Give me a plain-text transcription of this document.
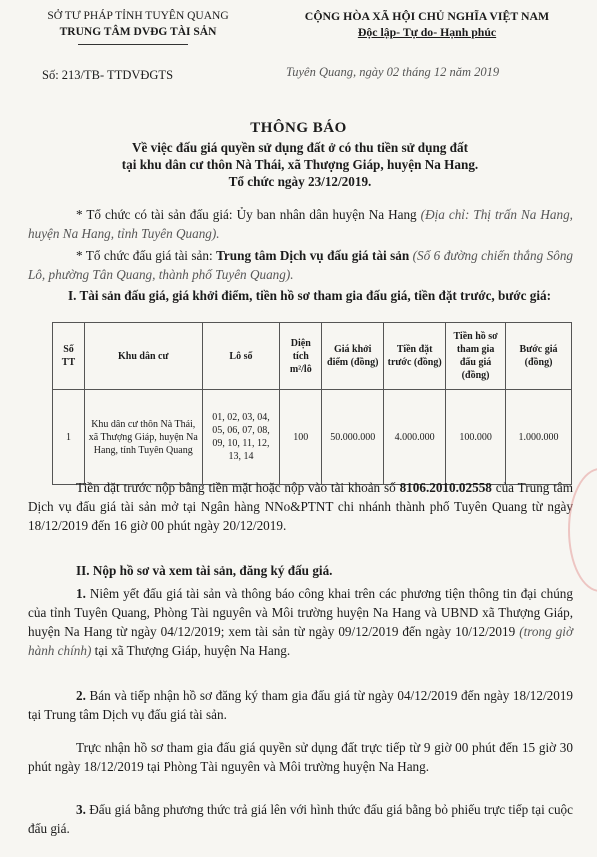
SỞ TƯ PHÁP TỈNH TUYÊN QUANG
TRUNG TÂM DVĐG TÀI SẢN
CỘNG HÒA XÃ HỘI CHỦ NGHĨA VIỆT NAM
Độc lập- Tự do- Hạnh phúc
Số: 213/TB- TTDVĐGTS	Tuyên Quang, ngày 02 tháng 12 năm 2019
THÔNG BÁO
Về việc đấu giá quyền sử dụng đất ở có thu tiền sử dụng đất
tại khu dân cư thôn Nà Thái, xã Thượng Giáp, huyện Na Hang.
Tổ chức ngày 23/12/2019.

* Tổ chức có tài sản đấu giá: Ủy ban nhân dân huyện Na Hang (Địa chỉ: Thị trấn Na Hang, huyện Na Hang, tỉnh Tuyên Quang).

* Tổ chức đấu giá tài sản: Trung tâm Dịch vụ đấu giá tài sản (Số 6 đường chiến thắng Sông Lô, phường Tân Quang, thành phố Tuyên Quang).

I. Tài sản đấu giá, giá khởi điểm, tiền hồ sơ tham gia đấu giá, tiền đặt trước, bước giá:

Số TT	Khu dân cư	Lô số	Diện tích m²/lô	Giá khởi điểm (đồng)	Tiền đặt trước (đồng)	Tiền hồ sơ tham gia đấu giá (đồng)	Bước giá (đồng)
1	Khu dân cư thôn Nà Thái, xã Thượng Giáp, huyện Na Hang, tỉnh Tuyên Quang	01, 02, 03, 04, 05, 06, 07, 08, 09, 10, 11, 12, 13, 14	100	50.000.000	4.000.000	100.000	1.000.000

Tiền đặt trước nộp bằng tiền mặt hoặc nộp vào tài khoản số 8106.2010.02558 của Trung tâm Dịch vụ đấu giá tài sản mở tại Ngân hàng NNo&PTNT chi nhánh thành phố Tuyên Quang từ ngày 18/12/2019 đến 16 giờ 00 phút ngày 20/12/2019.

II. Nộp hồ sơ và xem tài sản, đăng ký đấu giá.

1. Niêm yết đấu giá tài sản và thông báo công khai trên các phương tiện thông tin đại chúng của tỉnh Tuyên Quang, Phòng Tài nguyên và Môi trường huyện Na Hang và UBND xã Thượng Giáp, huyện Na Hang từ ngày 04/12/2019; xem tài sản từ ngày 09/12/2019 đến ngày 10/12/2019 (trong giờ hành chính) tại xã Thượng Giáp, huyện Na Hang.

2. Bán và tiếp nhận hồ sơ đăng ký tham gia đấu giá từ ngày 04/12/2019 đến ngày 18/12/2019 tại Trung tâm Dịch vụ đấu giá tài sản.

Trực nhận hồ sơ tham gia đấu giá quyền sử dụng đất trực tiếp từ 9 giờ 00 phút đến 15 giờ 30 phút ngày 18/12/2019 tại Phòng Tài nguyên và Môi trường huyện Na Hang.

3. Đấu giá bằng phương thức trả giá lên với hình thức đấu giá bằng bỏ phiếu trực tiếp tại cuộc đấu giá.
